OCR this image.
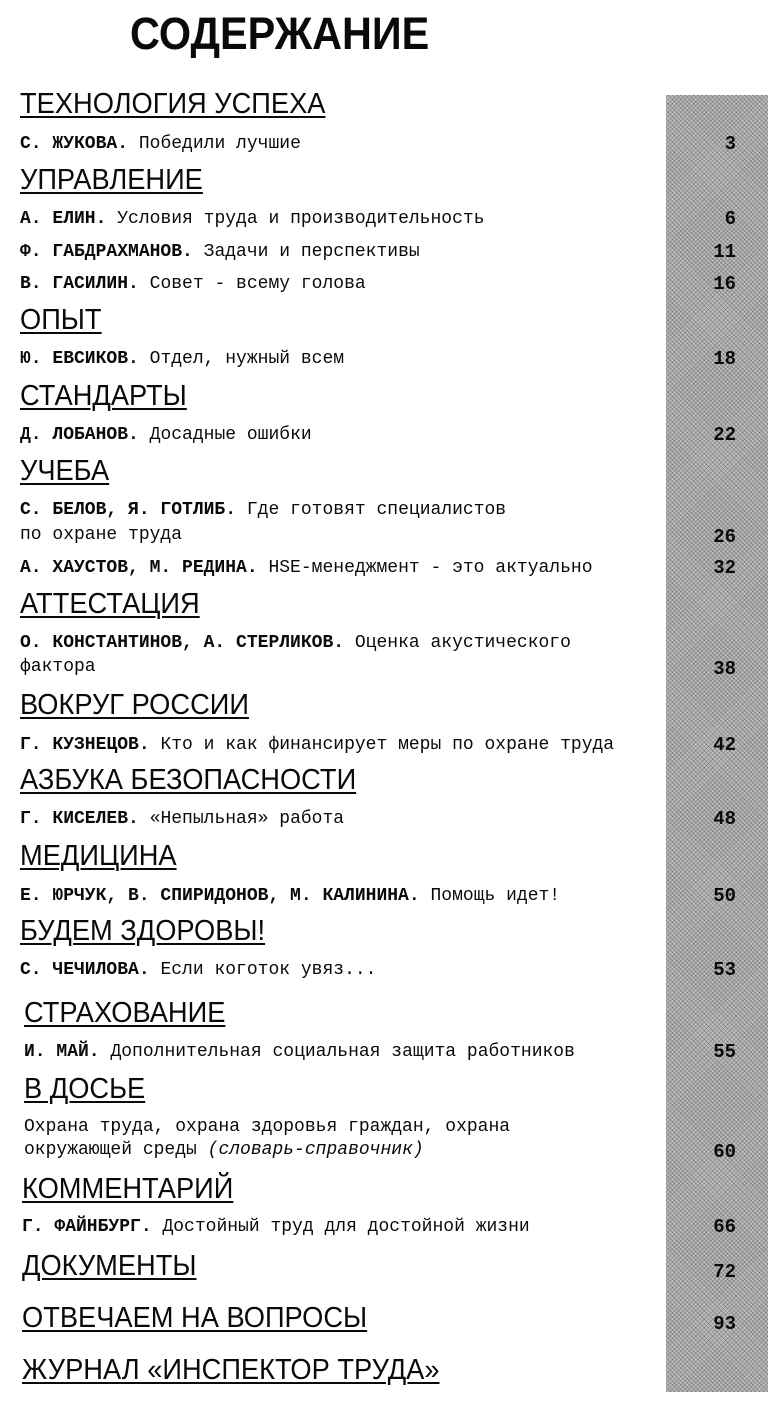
СОДЕРЖАНИЕ
ТЕХНОЛОГИЯ УСПЕХА
С. ЖУКОВА. Победили лучшие	3
УПРАВЛЕНИЕ
А. ЕЛИН. Условия труда и производительность	6
Ф. ГАБДРАХМАНОВ. Задачи и перспективы	11
В. ГАСИЛИН. Совет - всему голова	16
ОПЫТ
Ю. ЕВСИКОВ. Отдел, нужный всем	18
СТАНДАРТЫ
Д. ЛОБАНОВ. Досадные ошибки	22
УЧЕБА
С. БЕЛОВ, Я. ГОТЛИБ. Где готовят специалистов
по охране труда	26
А. ХАУСТОВ, М. РЕДИНА. HSE-менеджмент - это актуально	32
АТТЕСТАЦИЯ
О. КОНСТАНТИНОВ, А. СТЕРЛИКОВ. Оценка акустического
фактора	38
ВОКРУГ РОССИИ
Г. КУЗНЕЦОВ. Кто и как финансирует меры по охране труда	42
АЗБУКА БЕЗОПАСНОСТИ
Г. КИСЕЛЕВ. «Непыльная» работа	48
МЕДИЦИНА
Е. ЮРЧУК, В. СПИРИДОНОВ, М. КАЛИНИНА. Помощь идет!	50
БУДЕМ ЗДОРОВЫ!
С. ЧЕЧИЛОВА. Если коготок увяз...	53
СТРАХОВАНИЕ
И. МАЙ. Дополнительная социальная защита работников	55
В ДОСЬЕ
Охрана труда, охрана здоровья граждан, охрана
окружающей среды (словарь-справочник)	60
КОММЕНТАРИЙ
Г. ФАЙНБУРГ. Достойный труд для достойной жизни	66
ДОКУМЕНТЫ	72
ОТВЕЧАЕМ НА ВОПРОСЫ	93
ЖУРНАЛ «ИНСПЕКТОР ТРУДА»
